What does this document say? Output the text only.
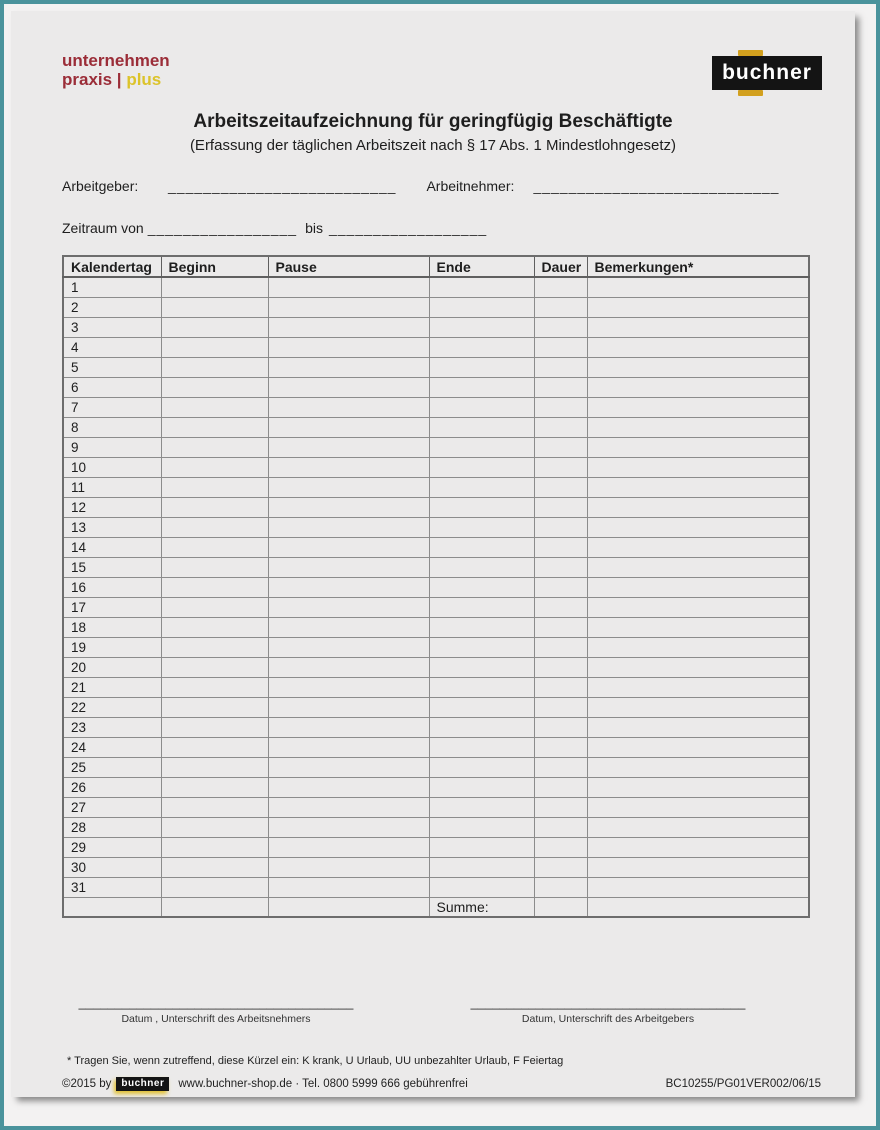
unternehmen
praxis | plus	buchner
Arbeitszeitaufzeichnung für geringfügig Beschäftigte
(Erfassung der täglichen Arbeitszeit nach § 17 Abs. 1 Mindestlohngesetz)
Arbeitgeber:	__________________________ Arbeitnehmer:	____________________________
Zeitraum von _________________ bis __________________
Kalendertag	Beginn	Pause	Ende	Dauer	Bemerkungen*
1					
2					
3					
4					
5					
6					
7					
8					
9					
10					
11					
12					
13					
14					
15					
16					
17					
18					
19					
20					
21					
22					
23					
24					
25					
26					
27					
28					
29					
30					
31					
			Summe:		
______________________________________
Datum , Unterschrift des Arbeitsnehmers
______________________________________
Datum, Unterschrift des Arbeitgebers
* Tragen Sie, wenn zutreffend, diese Kürzel ein: K krank, U Urlaub, UU unbezahlter Urlaub, F Feiertag
©2015 by	buchner	www.buchner-shop.de · Tel. 0800 5999 666 gebührenfrei	BC10255/PG01VER002/06/15
